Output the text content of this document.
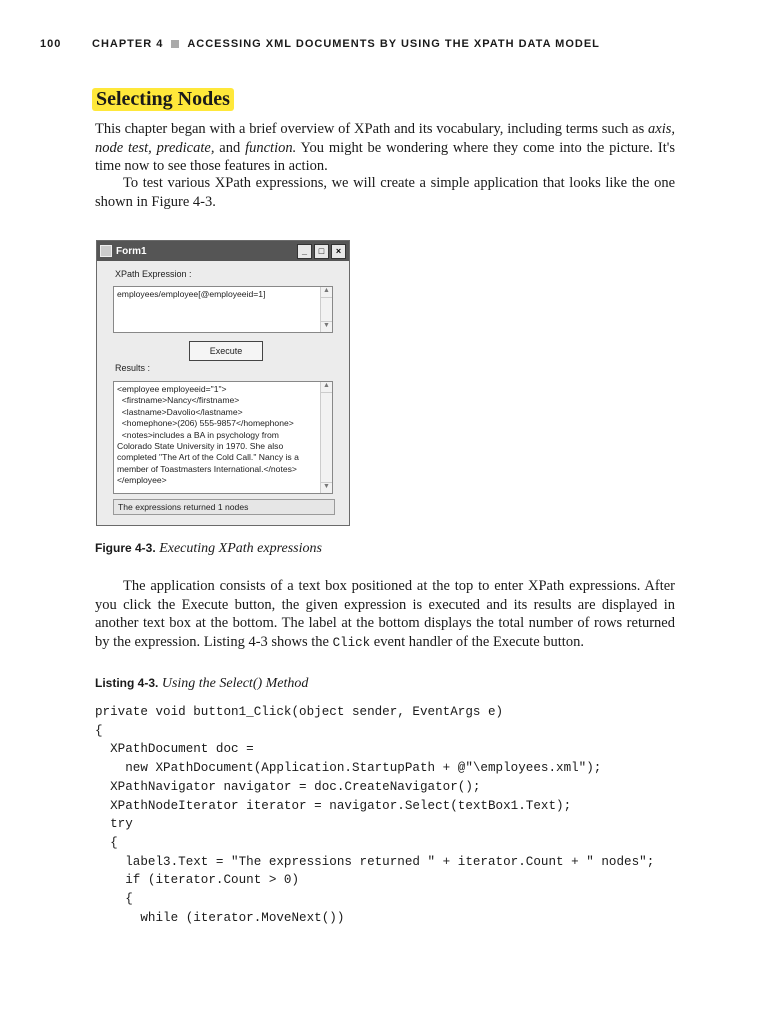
100	CHAPTER 4 ACCESSING XML DOCUMENTS BY USING THE XPATH DATA MODEL
Selecting Nodes

This chapter began with a brief overview of XPath and its vocabulary, including terms such as axis, node test, predicate, and function. You might be wondering where they come into the picture. It's time now to see those features in action.

To test various XPath expressions, we will create a simple application that looks like the one shown in Figure 4-3.

Form1	_	□	×
XPath Expression :
employees/employee[@employeeid=1]	▲
▼
Execute
Results :
<employee employeeid="1">
<firstname>Nancy</firstname>
<lastname>Davolio</lastname>
<homephone>(206) 555-9857</homephone>
<notes>includes a BA in psychology from
Colorado State University in 1970. She also
completed "The Art of the Cold Call." Nancy is a
member of Toastmasters International.</notes>
</employee>
▲
▼
The expressions returned 1 nodes
Figure 4-3. Executing XPath expressions

The application consists of a text box positioned at the top to enter XPath expressions. After you click the Execute button, the given expression is executed and its results are displayed in another text box at the bottom. The label at the bottom displays the total number of rows returned by the expression. Listing 4-3 shows the Click event handler of the Execute button.

Listing 4-3. Using the Select() Method
private void button1_Click(object sender, EventArgs e)
{
XPathDocument doc =
new XPathDocument(Application.StartupPath + @"\employees.xml");
XPathNavigator navigator = doc.CreateNavigator();
XPathNodeIterator iterator = navigator.Select(textBox1.Text);
try
{
label3.Text = "The expressions returned " + iterator.Count + " nodes";
if (iterator.Count > 0)
{
while (iterator.MoveNext())
